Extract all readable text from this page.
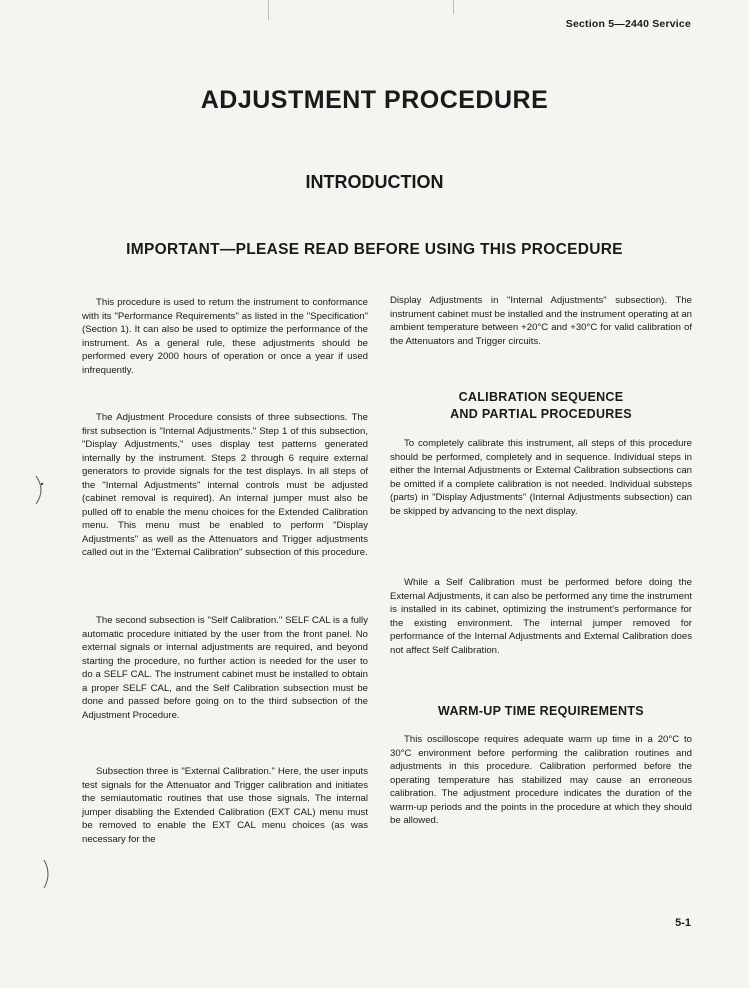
Section 5—2440 Service
ADJUSTMENT PROCEDURE
INTRODUCTION
IMPORTANT—PLEASE READ BEFORE USING THIS PROCEDURE

This procedure is used to return the instrument to conformance with its "Performance Requirements" as listed in the "Specification" (Section 1). It can also be used to optimize the performance of the instrument. As a general rule, these adjustments should be performed every 2000 hours of operation or once a year if used infrequently.

The Adjustment Procedure consists of three subsections. The first subsection is "Internal Adjustments." Step 1 of this subsection, "Display Adjustments," uses display test patterns generated internally by the instrument. Steps 2 through 6 require external generators to provide signals for the test displays. In all steps of the "Internal Adjustments" internal controls must be adjusted (cabinet removal is required). An internal jumper must also be pulled off to enable the menu choices for the Extended Calibration menu. This menu must be enabled to perform "Display Adjustments" as well as the Attenuators and Trigger adjustments called out in the "External Calibration" subsection of this procedure.

The second subsection is "Self Calibration." SELF CAL is a fully automatic procedure initiated by the user from the front panel. No external signals or internal adjustments are required, and beyond starting the procedure, no further action is needed for the user to do a SELF CAL. The instrument cabinet must be installed to obtain a proper SELF CAL, and the Self Calibration subsection must be done and passed before going on to the third subsection of the Adjustment Procedure.

Subsection three is "External Calibration." Here, the user inputs test signals for the Attenuator and Trigger calibration and initiates the semiautomatic routines that use those signals. The internal jumper disabling the Extended Calibration (EXT CAL) menu must be removed to enable the EXT CAL menu choices (as was necessary for the

Display Adjustments in "Internal Adjustments" subsection). The instrument cabinet must be installed and the instrument operating at an ambient temperature between +20°C and +30°C for valid calibration of the Attenuators and Trigger circuits.

CALIBRATION SEQUENCE
AND PARTIAL PROCEDURES

To completely calibrate this instrument, all steps of this procedure should be performed, completely and in sequence. Individual steps in either the Internal Adjustments or External Calibration subsections can be omitted if a complete calibration is not needed. Individual substeps (parts) in "Display Adjustments" (Internal Adjustments subsection) can be skipped by advancing to the next display.

While a Self Calibration must be performed before doing the External Adjustments, it can also be performed any time the instrument is installed in its cabinet, optimizing the instrument's performance for the existing environment. The internal jumper removed for performance of the Internal Adjustments and External Calibration does not affect Self Calibration.

WARM-UP TIME REQUIREMENTS

This oscilloscope requires adequate warm up time in a 20°C to 30°C environment before performing the calibration routines and adjustments in this procedure. Calibration performed before the operating temperature has stabilized may cause an erroneous calibration. The adjustment procedure indicates the duration of the warm-up periods and the points in the procedure at which they should be allowed.

5-1
